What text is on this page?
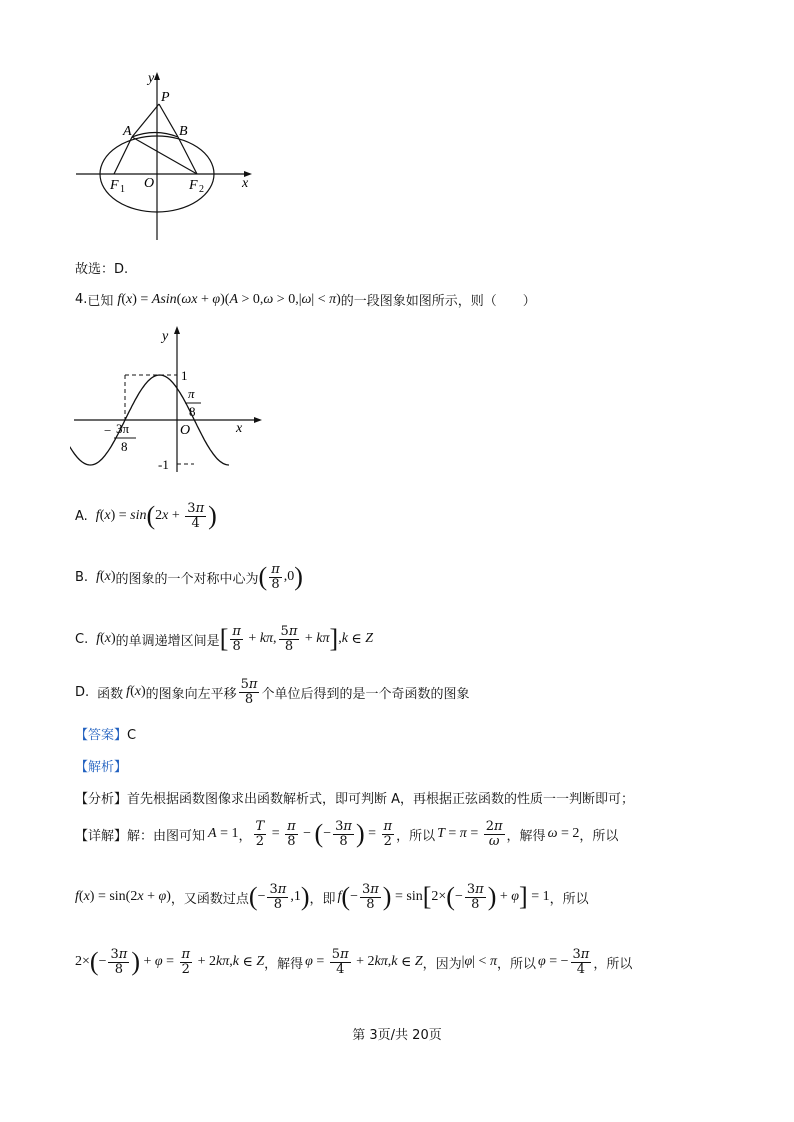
y
P
A	B
O
F 1	F 2	x
故选：D.
4. 已知 f ( x ) = A sin ( ωx + φ )( A > 0, ω > 0,| ω | < π ) 的一段图象如图所示，则（　　）
x
y
1
-1
O
π
8
− 3π
8
A. f ( x ) = sin ( 2 $x + \frac{3\pi}{4}$ )
B. f ( x ) 的图象的一个对称中心为 ( $\frac{\pi}{8} ,0$ )
C. f ( x ) 的单调递增区间是 [ $\frac{\pi}{8} + k\pi$ , $\frac{5\pi}{8} + k\pi$ ] , k ∈ Z
D. 函数 f ( x ) 的图象向左平移 $\frac{5\pi}{8}$ 个单位后得到的是一个奇函数的图象
【答案】C
【解析】
【分析】首先根据函数图像求出函数解析式，即可判断 A，再根据正弦函数的性质一一判断即可；
【详解】 解：由图可知 A = 1 ， $\frac{T}{2} = \frac{\pi}{8}$ − ( − $\frac{3\pi}{8}$ ) = $\frac{\pi}{2}$ ，所以 $T = \pi = \frac{2\pi}{\omega}$ ，解得 ω = 2 ，所以
f ( x ) = sin(2 x + φ ) ，又函数过点 ( − $\frac{3\pi}{8} ,1$ ) ，即 f ( − $\frac{3\pi}{8}$ ) = sin [ 2× ( − $\frac{3\pi}{8}$ ) + φ ] = 1 ，所以
2× ( − $\frac{3\pi}{8}$ ) + $\varphi = \frac{\pi}{2} + 2$ kπ , k ∈ Z ，解得 $\varphi = \frac{5\pi}{4} + 2$ kπ , k ∈ Z ，因为 | φ | < π ，所以 φ = − $\frac{3\pi}{4}$ ，所以
第 3页/共 20页
